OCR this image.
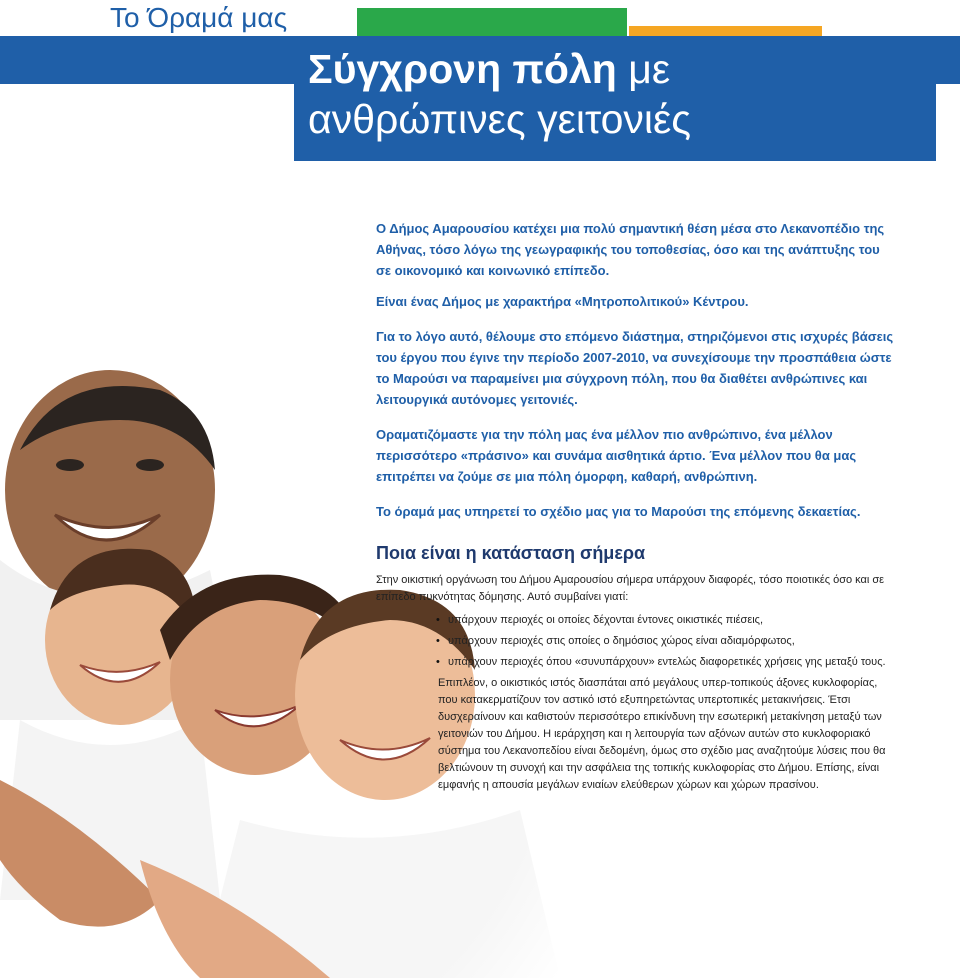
Το Όραμά μας
Σύγχρονη πόλη με
ανθρώπινες γειτονιές

Ο Δήμος Αμαρουσίου κατέχει μια πολύ σημαντική θέση μέσα στο Λεκανοπέδιο της Αθήνας, τόσο λόγω της γεωγραφικής του τοποθεσίας, όσο και της ανάπτυξης του σε οικονομικό και κοινωνικό επίπεδο.

Είναι ένας Δήμος με χαρακτήρα «Μητροπολιτικού» Κέντρου.

Για το λόγο αυτό, θέλουμε στο επόμενο διάστημα, στηριζόμενοι στις ισχυρές βάσεις του έργου που έγινε την περίοδο 2007-2010, να συνεχίσουμε την προσπάθεια ώστε το Μαρούσι να παραμείνει μια σύγχρονη πόλη, που θα διαθέτει ανθρώπινες και λειτουργικά αυτόνομες γειτονιές.

Οραματιζόμαστε για την πόλη μας ένα μέλλον πιο ανθρώπινο, ένα μέλλον περισσότερο «πράσινο» και συνάμα αισθητικά άρτιο. Ένα μέλλον που θα μας επιτρέπει να ζούμε σε μια πόλη όμορφη, καθαρή, ανθρώπινη.

Το όραμά μας υπηρετεί το σχέδιο μας για το Μαρούσι της επόμενης δεκαετίας.

Ποια είναι η κατάσταση σήμερα

Στην οικιστική οργάνωση του Δήμου Αμαρουσίου σήμερα υπάρχουν διαφορές, τόσο ποιοτικές όσο και σε επίπεδο πυκνότητας δόμησης. Αυτό συμβαίνει γιατί:

• υπάρχουν περιοχές οι οποίες δέχονται έντονες οικιστικές πιέσεις,
• υπάρχουν περιοχές στις οποίες ο δημόσιος χώρος είναι αδιαμόρφωτος,
• υπάρχουν περιοχές όπου «συνυπάρχουν» εντελώς διαφορετικές χρήσεις γης μεταξύ τους.

Επιπλέον, ο οικιστικός ιστός διασπάται από μεγάλους υπερ-τοπικούς άξονες κυκλοφορίας, που κατακερματίζουν τον αστικό ιστό εξυπηρετώντας υπερτοπικές μετακινήσεις. Έτσι δυσχεραίνουν και καθιστούν περισσότερο επικίνδυνη την εσωτερική μετακίνηση μεταξύ των γειτονιών του Δήμου. Η ιεράρχηση και η λειτουργία των αξόνων αυτών στο κυκλοφοριακό σύστημα του Λεκανοπεδίου είναι δεδομένη, όμως στο σχέδιο μας αναζητούμε λύσεις που θα βελτιώνουν τη συνοχή και την ασφάλεια της τοπικής κυκλοφορίας στο Δήμου. Επίσης, είναι εμφανής η απουσία μεγάλων ενιαίων ελεύθερων χώρων και χώρων πρασίνου.
